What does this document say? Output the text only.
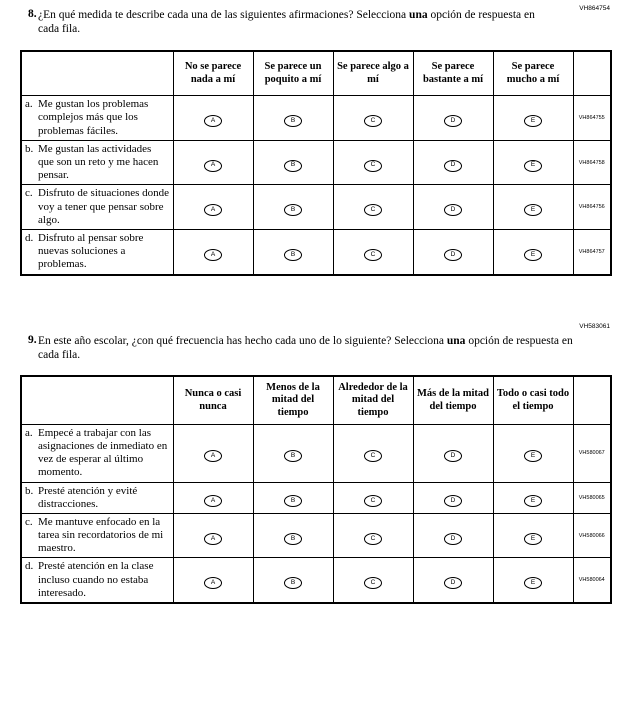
VH864754
8. ¿En qué medida te describe cada una de las siguientes afirmaciones? Selecciona una opción de respuesta en cada fila.
	No se parece nada a mí	Se parece un poquito a mí	Se parece algo a mí	Se parece bastante a mí	Se parece mucho a mí	

a. Me gustan los problemas complejos más que los problemas fáciles.	A	B	C	D	E	VH864755

b. Me gustan las actividades que son un reto y me hacen pensar.	A	B	C	D	E	VH864758

c. Disfruto de situaciones donde voy a tener que pensar sobre algo.	A	B	C	D	E	VH864756

d. Disfruto al pensar sobre nuevas soluciones a problemas.	A	B	C	D	E	VH864757
VH583061
9. En este año escolar, ¿con qué frecuencia has hecho cada uno de lo siguiente? Selecciona una opción de respuesta en cada fila.
	Nunca o casi nunca	Menos de la mitad del tiempo	Alrededor de la mitad del tiempo	Más de la mitad del tiempo	Todo o casi todo el tiempo	

a. Empecé a trabajar con las asignaciones de inmediato en vez de esperar al último momento.	A	B	C	D	E	VH580067

b. Presté atención y evité distracciones.	A	B	C	D	E	VH580065

c. Me mantuve enfocado en la tarea sin recordatorios de mi maestro.	A	B	C	D	E	VH580066

d. Presté atención en la clase incluso cuando no estaba interesado.	A	B	C	D	E	VH580064
